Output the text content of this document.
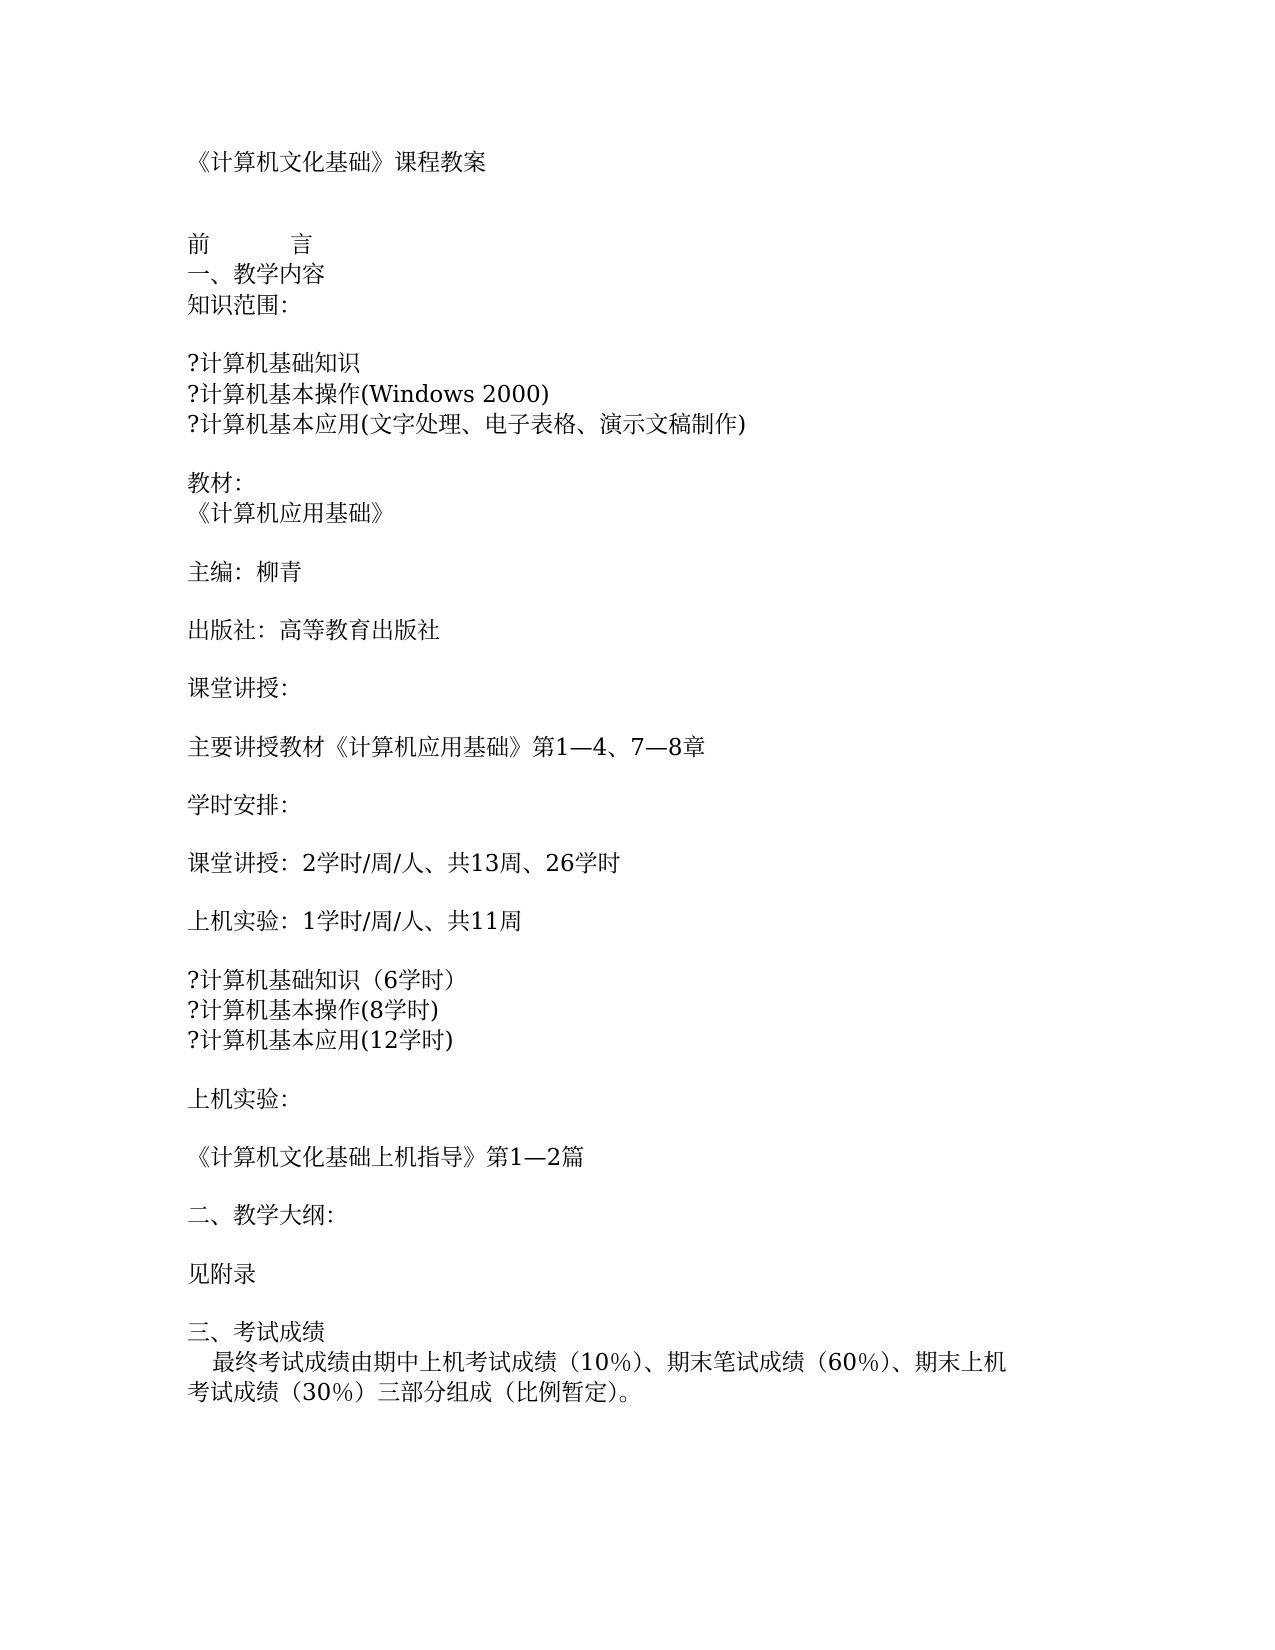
《计算机文化基础》课程教案
前	言
一、教学内容
知识范围：
?计算机基础知识
?计算机基本操作(Windows 2000)
?计算机基本应用(文字处理、电子表格、演示文稿制作)
教材：
《计算机应用基础》
主编：柳青
出版社：高等教育出版社
课堂讲授：
主要讲授教材《计算机应用基础》第1—4、7—8章
学时安排：
课堂讲授：2学时/周/人、共13周、26学时
上机实验：1学时/周/人、共11周
?计算机基础知识（6学时）
?计算机基本操作(8学时)
?计算机基本应用(12学时)
上机实验：
《计算机文化基础上机指导》第1—2篇
二、教学大纲：
见附录
三、考试成绩
最终考试成绩由期中上机考试成绩（10％）、期末笔试成绩（60％）、期末上机
考试成绩（30％）三部分组成（比例暂定）。
